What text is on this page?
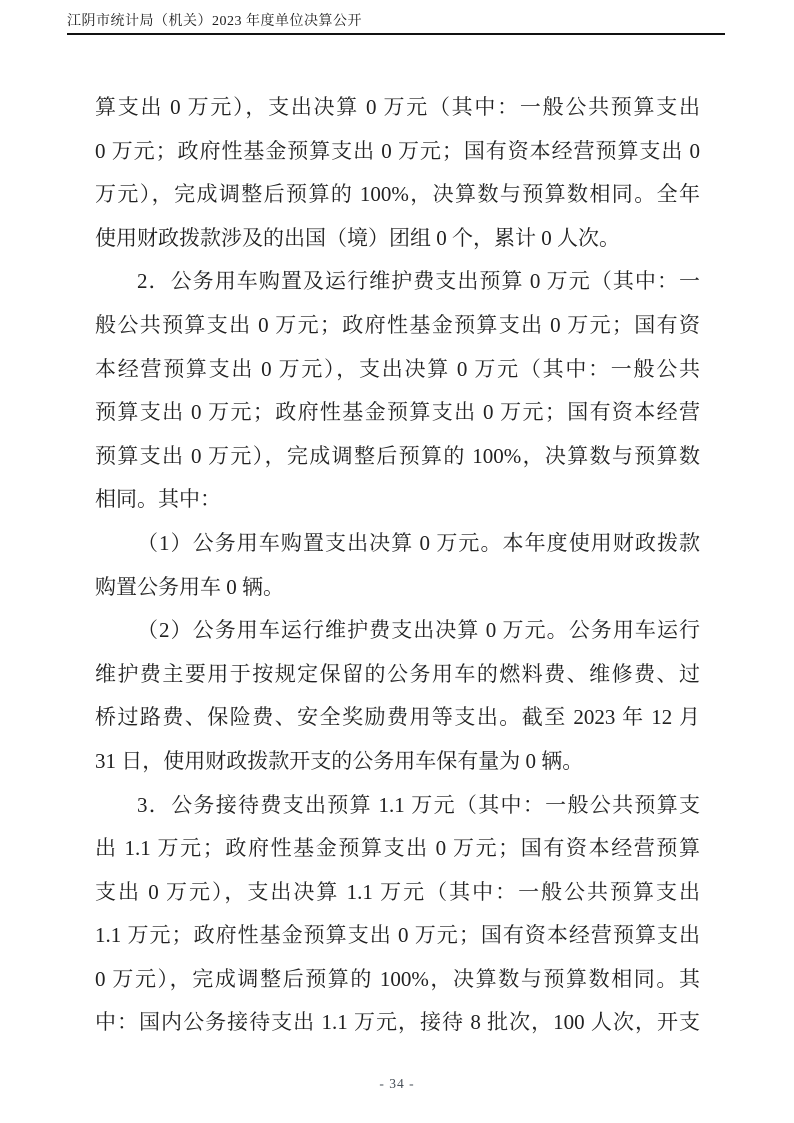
江阴市统计局（机关）2023 年度单位决算公开
算支出 0 万元），支出决算 0 万元（其中：一般公共预算支出
0 万元；政府性基金预算支出 0 万元；国有资本经营预算支出 0
万元），完成调整后预算的 100%，决算数与预算数相同。全年
使用财政拨款涉及的出国（境）团组 0 个，累计 0 人次。
2．公务用车购置及运行维护费支出预算 0 万元（其中：一
般公共预算支出 0 万元；政府性基金预算支出 0 万元；国有资
本经营预算支出 0 万元），支出决算 0 万元（其中：一般公共
预算支出 0 万元；政府性基金预算支出 0 万元；国有资本经营
预算支出 0 万元），完成调整后预算的 100%，决算数与预算数
相同。其中：
（1）公务用车购置支出决算 0 万元。本年度使用财政拨款
购置公务用车 0 辆。
（2）公务用车运行维护费支出决算 0 万元。公务用车运行
维护费主要用于按规定保留的公务用车的燃料费、维修费、过
桥过路费、保险费、安全奖励费用等支出。截至 2023 年 12 月
31 日，使用财政拨款开支的公务用车保有量为 0 辆。
3．公务接待费支出预算 1.1 万元（其中：一般公共预算支
出 1.1 万元；政府性基金预算支出 0 万元；国有资本经营预算
支出 0 万元），支出决算 1.1 万元（其中：一般公共预算支出
1.1 万元；政府性基金预算支出 0 万元；国有资本经营预算支出
0 万元），完成调整后预算的 100%，决算数与预算数相同。其
中：国内公务接待支出 1.1 万元，接待 8 批次，100 人次，开支
- 34 -
